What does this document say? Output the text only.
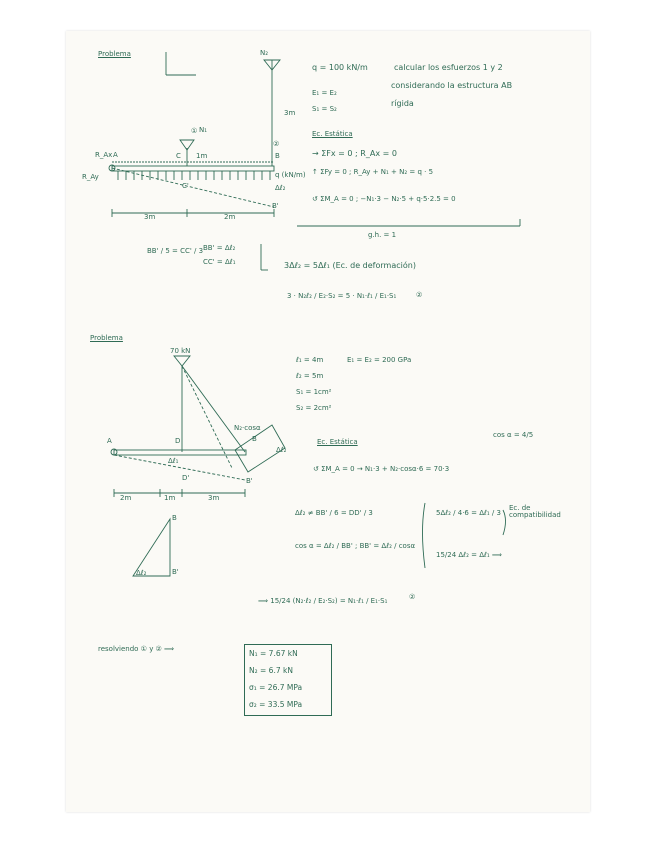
Problema
q = 100 kN/m	calcular los esfuerzos 1 y 2
considerando la estructura AB
rígida
E₁ = E₂
S₁ = S₂
Ec. Estática
→ ΣFx = 0 ; R_Ax = 0
↑ ΣFy = 0 ; R_Ay + N₁ + N₂ = q · 5
↺ ΣM_A = 0 ; −N₁·3 − N₂·5 + q·5·2.5 = 0
g.h. = 1
BB' / 5 = CC' / 3 BB' = Δℓ₂
CC' = Δℓ₁	3Δℓ₂ = 5Δℓ₁ (Ec. de deformación)
3 · N₂ℓ₂ / E₂·S₂ = 5 · N₁·ℓ₁ / E₁·S₁	②
A
R_Ax
R_Ay
C 1m	B
3m
②
①
N₂
N₁
q (kN/m)
Δℓ₂
B'
C'
3m	2m
Problema
ℓ₁ = 4m	E₁ = E₂ = 200 GPa
ℓ₂ = 5m
S₁ = 1cm²
S₂ = 2cm²
cos α = 4/5
Ec. Estática
↺ ΣM_A = 0 → N₁·3 + N₂·cosα·6 = 70·3
Δℓ₂ ≠ BB' / 6 = DD' / 3
cos α = Δℓ₂ / BB' ; BB' = Δℓ₂ / cosα
5Δℓ₂ / 4·6 = Δℓ₁ / 3
Ec. de compatibilidad
15/24 Δℓ₂ = Δℓ₁ ⟹
⟹ 15/24 (N₂·ℓ₂ / E₂·S₂) = N₁·ℓ₁ / E₁·S₁	②
resolviendo ① y ② ⟹
70 kN
A	D
D'
B
B'
N₂·cosα
Δℓ₁
Δℓ₂
2m	1m	3m
B
B'
Δℓ₂
N₁ = 7.67 kN
N₂ = 6.7 kN
σ₁ = 26.7 MPa
σ₂ = 33.5 MPa
